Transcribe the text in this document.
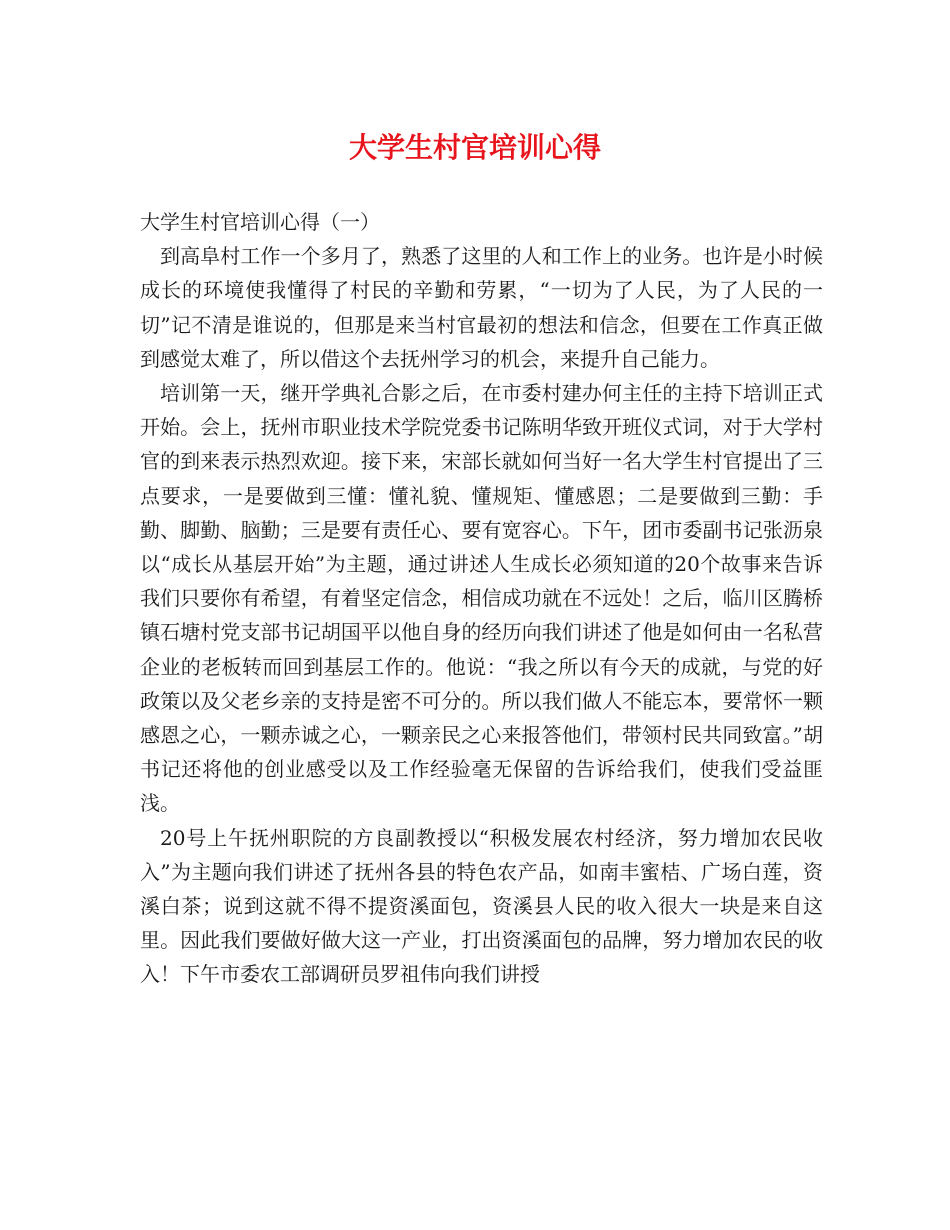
大学生村官培训心得

大学生村官培训心得（一）

到高阜村工作一个多月了，熟悉了这里的人和工作上的业务。也许是小时候成长的环境使我懂得了村民的辛勤和劳累，“一切为了人民，为了人民的一切”记不清是谁说的，但那是来当村官最初的想法和信念，但要在工作真正做到感觉太难了，所以借这个去抚州学习的机会，来提升自己能力。

培训第一天，继开学典礼合影之后，在市委村建办何主任的主持下培训正式开始。会上，抚州市职业技术学院党委书记陈明华致开班仪式词，对于大学村官的到来表示热烈欢迎。接下来，宋部长就如何当好一名大学生村官提出了三点要求，一是要做到三懂：懂礼貌、懂规矩、懂感恩；二是要做到三勤：手勤、脚勤、脑勤；三是要有责任心、要有宽容心。下午，团市委副书记张沥泉以“成长从基层开始”为主题，通过讲述人生成长必须知道的20个故事来告诉我们只要你有希望，有着坚定信念，相信成功就在不远处！之后，临川区腾桥镇石塘村党支部书记胡国平以他自身的经历向我们讲述了他是如何由一名私营企业的老板转而回到基层工作的。他说：“我之所以有今天的成就，与党的好政策以及父老乡亲的支持是密不可分的。所以我们做人不能忘本，要常怀一颗感恩之心，一颗赤诚之心，一颗亲民之心来报答他们，带领村民共同致富。”胡书记还将他的创业感受以及工作经验毫无保留的告诉给我们，使我们受益匪浅。

20号上午抚州职院的方良副教授以“积极发展农村经济，努力增加农民收入”为主题向我们讲述了抚州各县的特色农产品，如南丰蜜桔、广场白莲，资溪白茶；说到这就不得不提资溪面包，资溪县人民的收入很大一块是来自这里。因此我们要做好做大这一产业，打出资溪面包的品牌，努力增加农民的收入！下午市委农工部调研员罗祖伟向我们讲授
